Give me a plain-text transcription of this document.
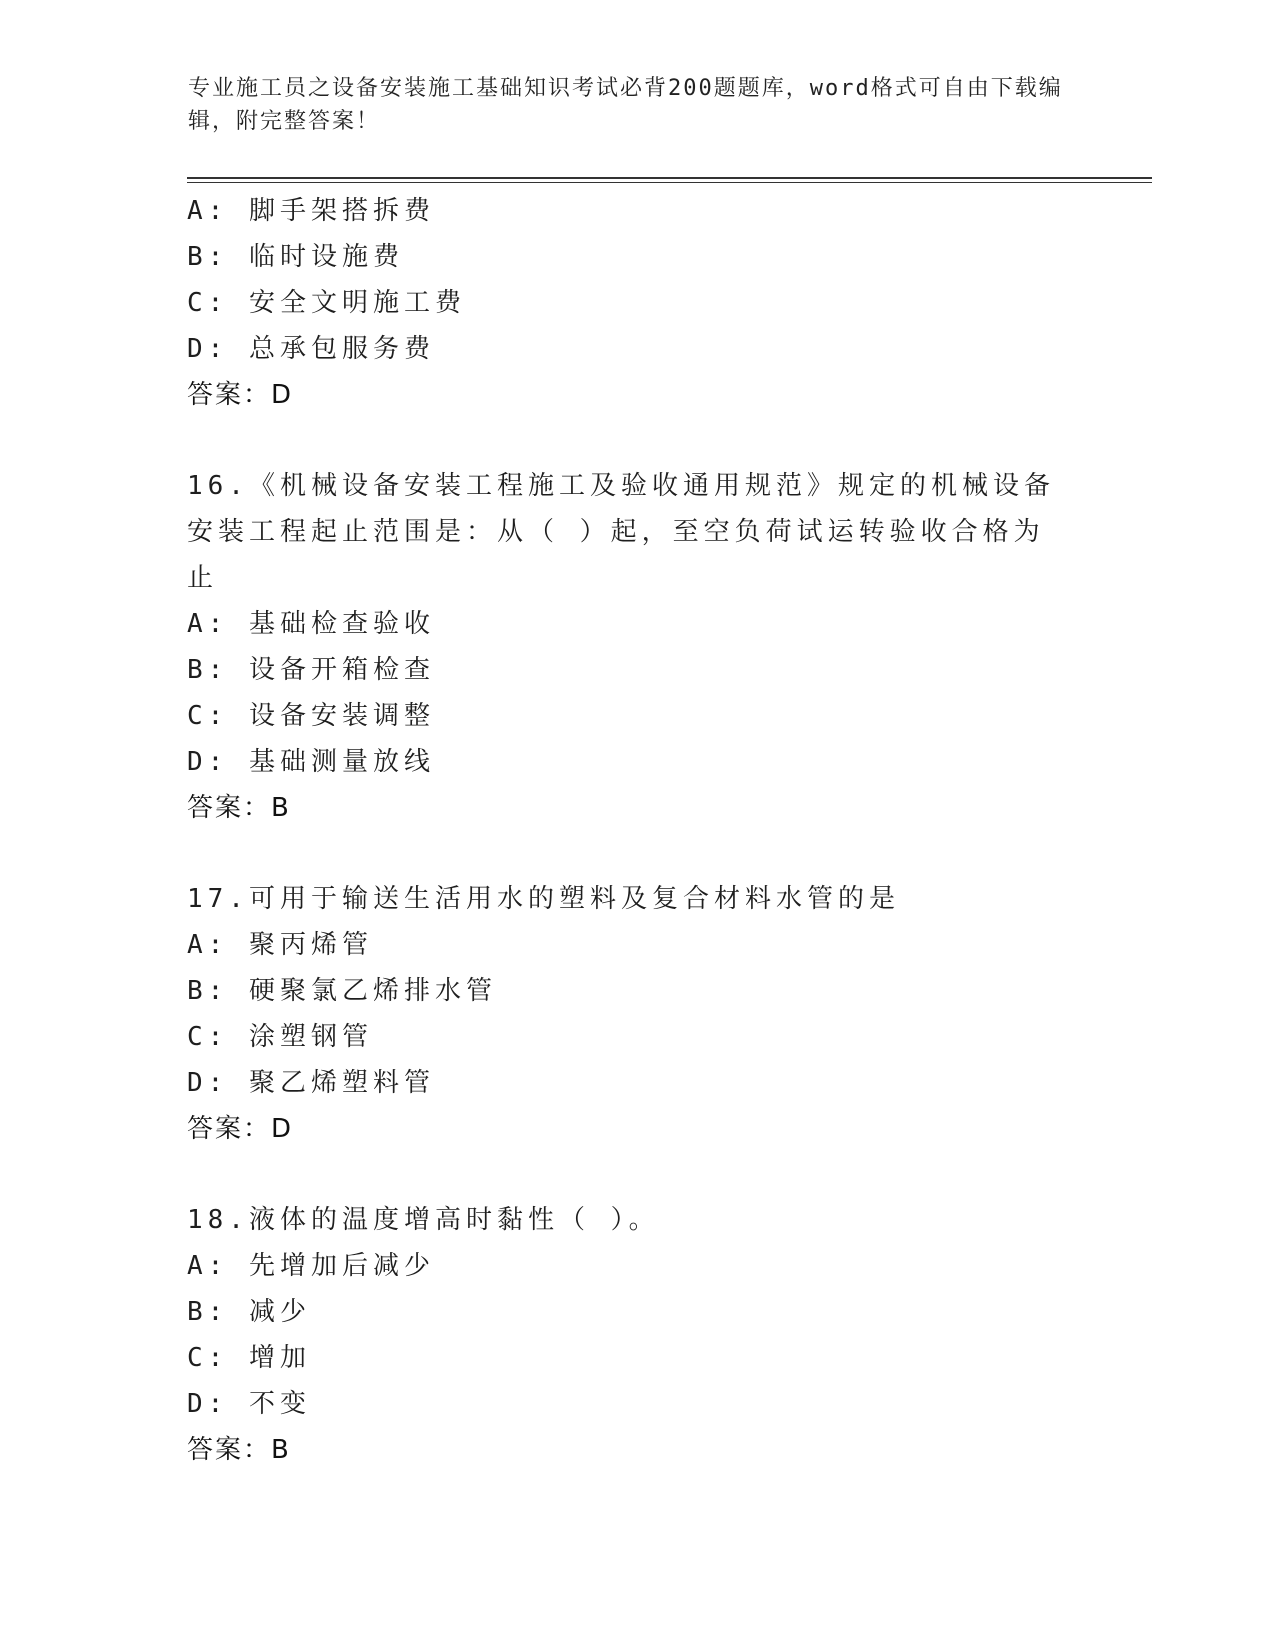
专业施工员之设备安装施工基础知识考试必背200题题库，word格式可自由下载编辑，附完整答案！
A: 脚手架搭拆费
B: 临时设施费
C: 安全文明施工费
D: 总承包服务费
答案：D
16.《机械设备安装工程施工及验收通用规范》规定的机械设备安装工程起止范围是：从（ ）起，至空负荷试运转验收合格为止
A: 基础检查验收
B: 设备开箱检查
C: 设备安装调整
D: 基础测量放线
答案：B
17.可用于输送生活用水的塑料及复合材料水管的是
A: 聚丙烯管
B: 硬聚氯乙烯排水管
C: 涂塑钢管
D: 聚乙烯塑料管
答案：D
18.液体的温度增高时黏性（ ）。
A: 先增加后减少
B: 减少
C: 增加
D: 不变
答案：B
